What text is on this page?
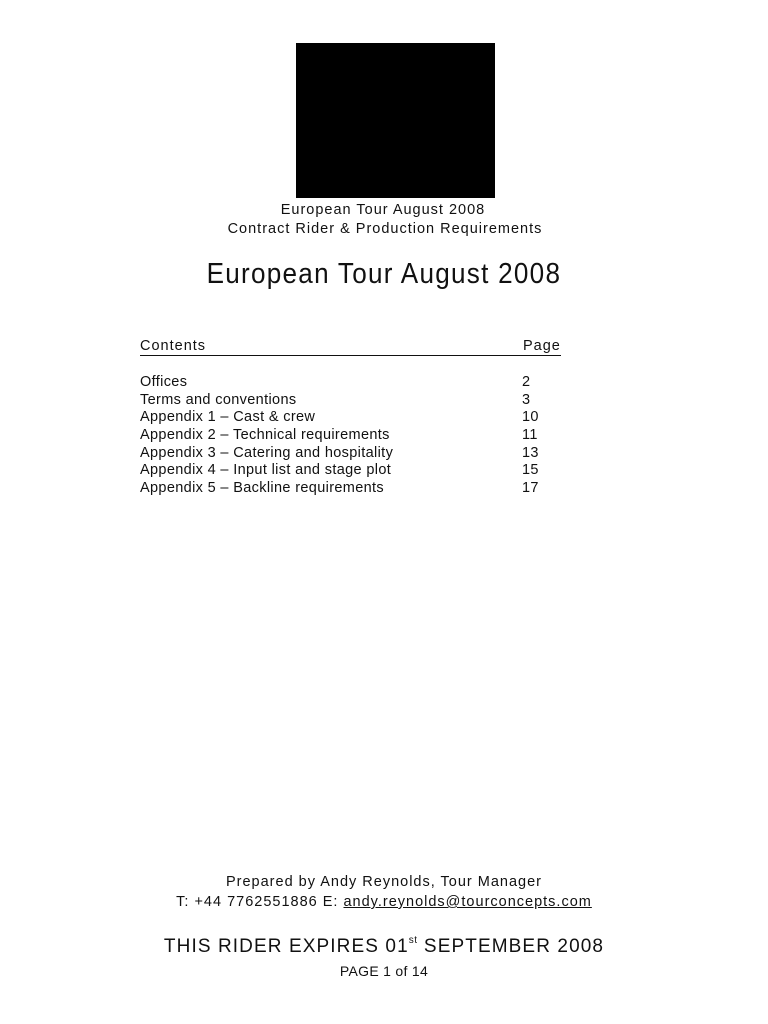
European Tour August 2008
Contract Rider & Production Requirements
European Tour August 2008
Contents	Page
Offices	2
Terms and conventions	3
Appendix 1 – Cast & crew	10
Appendix 2 – Technical requirements	11
Appendix 3 – Catering and hospitality	13
Appendix 4 – Input list and stage plot	15
Appendix 5 – Backline requirements	17
Prepared by Andy Reynolds, Tour Manager
T: +44 7762551886 E: andy.reynolds@tourconcepts.com
THIS RIDER EXPIRES 01st SEPTEMBER 2008
PAGE 1 of 14
